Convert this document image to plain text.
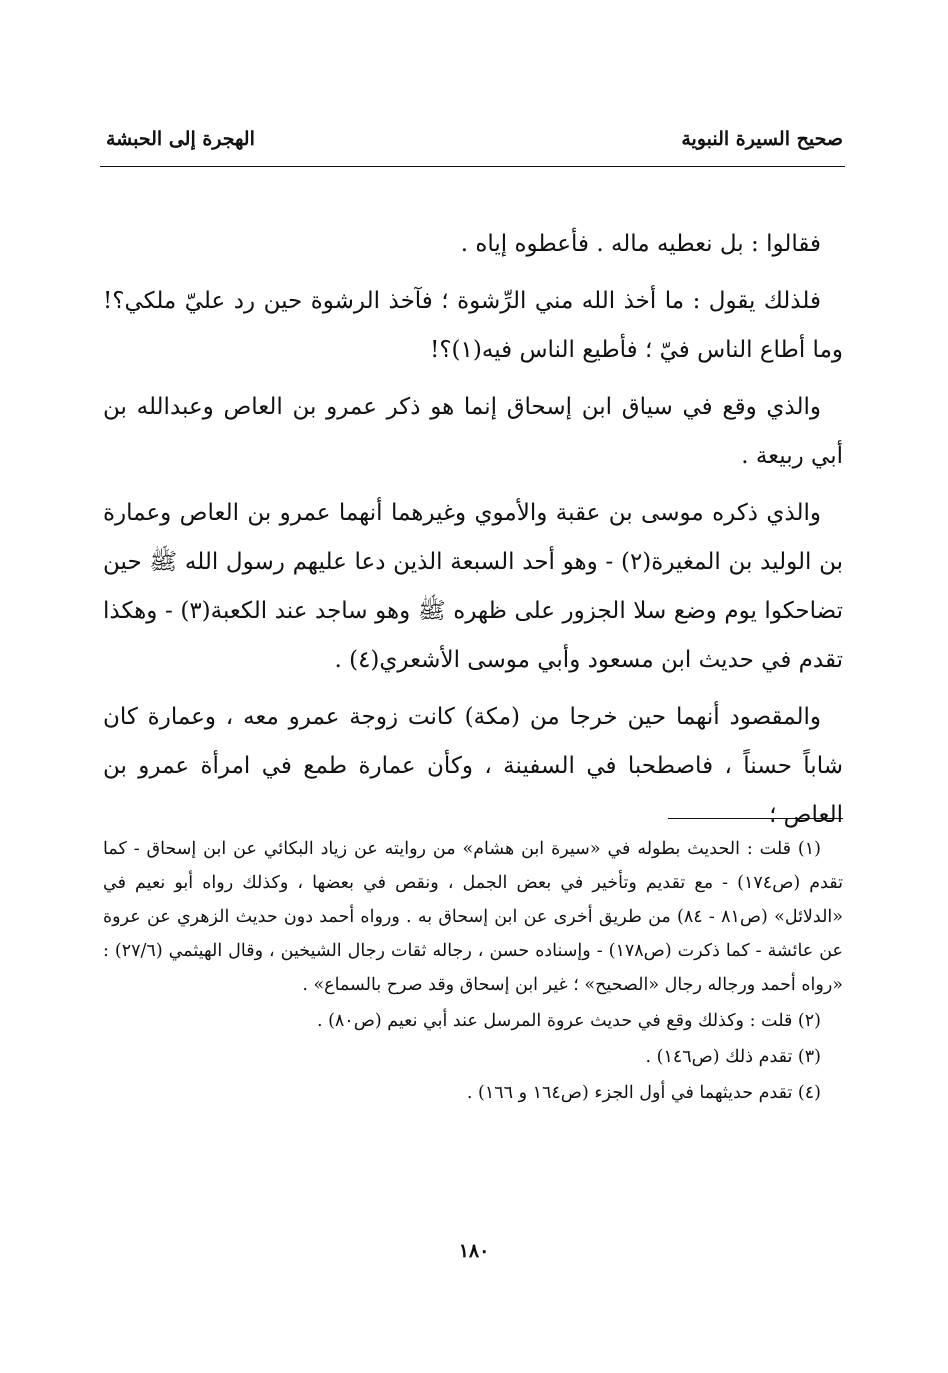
صحيح السيرة النبوية
الهجرة إلى الحبشة

فقالوا : بل نعطيه ماله . فأعطوه إياه .

فلذلك يقول : ما أخذ الله مني الرِّشوة ؛ فآخذ الرشوة حين رد عليّ ملكي؟! وما أطاع الناس فيّ ؛ فأطيع الناس فيه(١)؟!

والذي وقع في سياق ابن إسحاق إنما هو ذكر عمرو بن العاص وعبدالله بن أبي ربيعة .

والذي ذكره موسى بن عقبة والأموي وغيرهما أنهما عمرو بن العاص وعمارة بن الوليد بن المغيرة(٢) - وهو أحد السبعة الذين دعا عليهم رسول الله ﷺ حين تضاحكوا يوم وضع سلا الجزور على ظهره ﷺ وهو ساجد عند الكعبة(٣) - وهكذا تقدم في حديث ابن مسعود وأبي موسى الأشعري(٤) .

والمقصود أنهما حين خرجا من (مكة) كانت زوجة عمرو معه ، وعمارة كان شاباً حسناً ، فاصطحبا في السفينة ، وكأن عمارة طمع في امرأة عمرو بن العاص ؛

(١) قلت : الحديث بطوله في «سيرة ابن هشام» من روايته عن زياد البكائي عن ابن إسحاق - كما تقدم (ص١٧٤) - مع تقديم وتأخير في بعض الجمل ، ونقص في بعضها ، وكذلك رواه أبو نعيم في «الدلائل» (ص٨١ - ٨٤) من طريق أخرى عن ابن إسحاق به . ورواه أحمد دون حديث الزهري عن عروة عن عائشة - كما ذكرت (ص١٧٨) - وإسناده حسن ، رجاله ثقات رجال الشيخين ، وقال الهيثمي (٢٧/٦) : «رواه أحمد ورجاله رجال «الصحيح» ؛ غير ابن إسحاق وقد صرح بالسماع» .

(٢) قلت : وكذلك وقع في حديث عروة المرسل عند أبي نعيم (ص٨٠) .

(٣) تقدم ذلك (ص١٤٦) .

(٤) تقدم حديثهما في أول الجزء (ص١٦٤ و ١٦٦) .

١٨٠
